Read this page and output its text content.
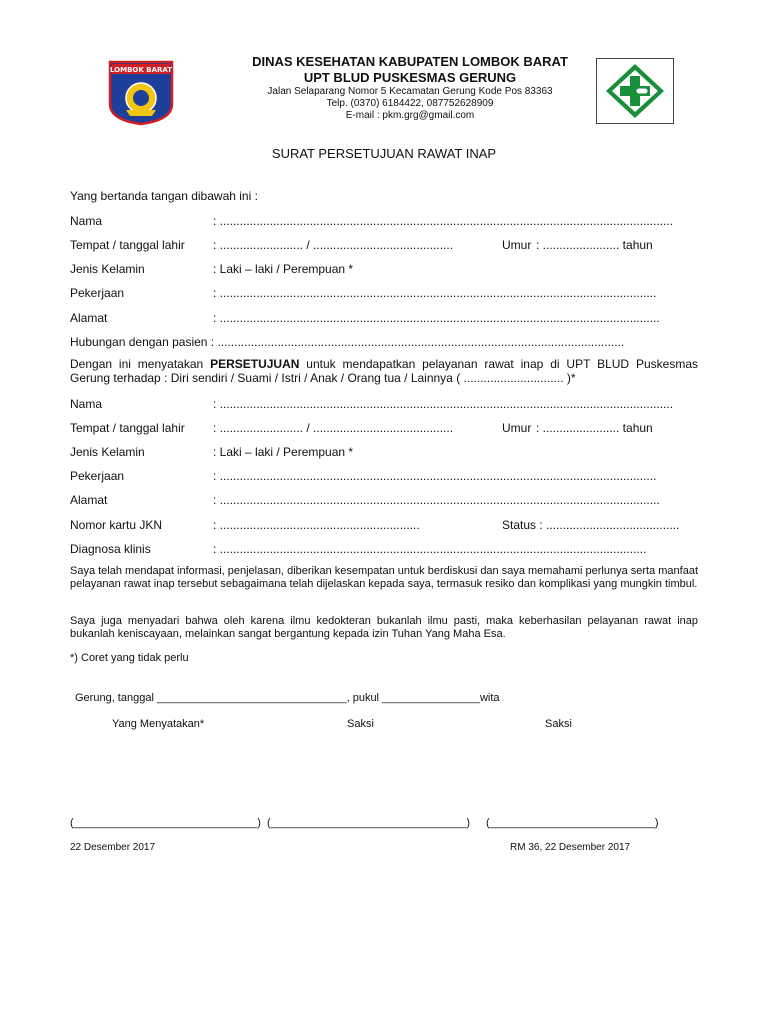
LOMBOK BARAT
DINAS KESEHATAN KABUPATEN LOMBOK BARAT
UPT BLUD PUSKESMAS GERUNG
Jalan Selaparang Nomor 5 Kecamatan Gerung Kode Pos 83363
Telp. (0370) 6184422, 087752628909
E-mail : pkm.grg@gmail.com
SURAT PERSETUJUAN RAWAT INAP
Yang bertanda tangan dibawah ini :
Nama	: ........................................................................................................................................
Tempat / tanggal lahir : ......................... / ..........................................	Umur : ....................... tahun
Jenis Kelamin	: Laki – laki / Perempuan *
Pekerjaan	: ...................................................................................................................................
Alamat	: ....................................................................................................................................
Hubungan dengan pasien : ..........................................................................................................................
Dengan ini menyatakan PERSETUJUAN untuk mendapatkan pelayanan rawat inap di UPT BLUD Puskesmas Gerung terhadap : Diri sendiri / Suami / Istri / Anak / Orang tua / Lainnya ( .............................. )*
Nama	: ........................................................................................................................................
Tempat / tanggal lahir : ......................... / ..........................................	Umur : ....................... tahun
Jenis Kelamin	: Laki – laki / Perempuan *
Pekerjaan	: ...................................................................................................................................
Alamat	: ....................................................................................................................................
Nomor kartu JKN	: ............................................................	Status : ........................................
Diagnosa klinis	: ................................................................................................................................
Saya telah mendapat informasi, penjelasan, diberikan kesempatan untuk berdiskusi dan saya memahami perlunya serta manfaat pelayanan rawat inap tersebut sebagaimana telah dijelaskan kepada saya, termasuk resiko dan komplikasi yang mungkin timbul.
Saya juga menyadari bahwa oleh karena ilmu kedokteran bukanlah ilmu pasti, maka keberhasilan pelayanan rawat inap bukanlah keniscayaan, melainkan sangat bergantung kepada izin Tuhan Yang Maha Esa.
*) Coret yang tidak perlu
Gerung, tanggal _______________________________, pukul ________________wita
Yang Menyatakan*	Saksi	Saksi
(______________________________) (________________________________) (___________________________)
22 Desember 2017	RM 36, 22 Desember 2017
